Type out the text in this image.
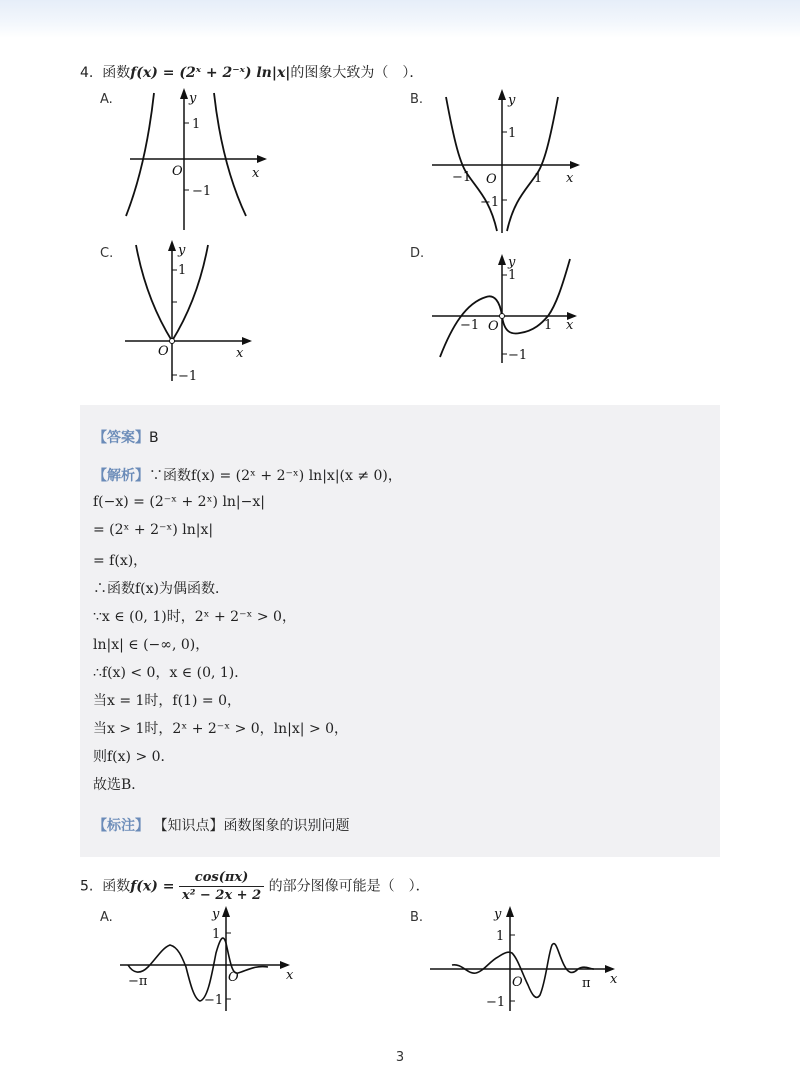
4. 函数f(x) = (2ˣ + 2⁻ˣ) ln|x|的图象大致为（　）．
A.	y
1
O
−1
x
B.	y
1
−1 O	1 x
−1
C.	y
1
O	x
−1
D.
y
1
−1 O	1 x
−1
【答案】B
【解析】∵函数f(x) = (2ˣ + 2⁻ˣ) ln|x|(x ≠ 0)，
f(−x) = (2⁻ˣ + 2ˣ) ln|−x|
= (2ˣ + 2⁻ˣ) ln|x|
= f(x)，
∴函数f(x)为偶函数．
∵x ∈ (0, 1)时，2ˣ + 2⁻ˣ > 0，
ln|x| ∈ (−∞, 0)，
∴f(x) < 0，x ∈ (0, 1)．
当x = 1时，f(1) = 0，
当x > 1时，2ˣ + 2⁻ˣ > 0，ln|x| > 0，
则f(x) > 0．
故选B．
【标注】 【知识点】函数图象的识别问题
5. 函数$f(x) = \frac{\cos(\pi x)}{\text{x² − 2x + 2}}$ 的部分图像可能是（　）．
A.	y
1
−π	O	x
−1
B.	y
1
O	π x
−1
3
